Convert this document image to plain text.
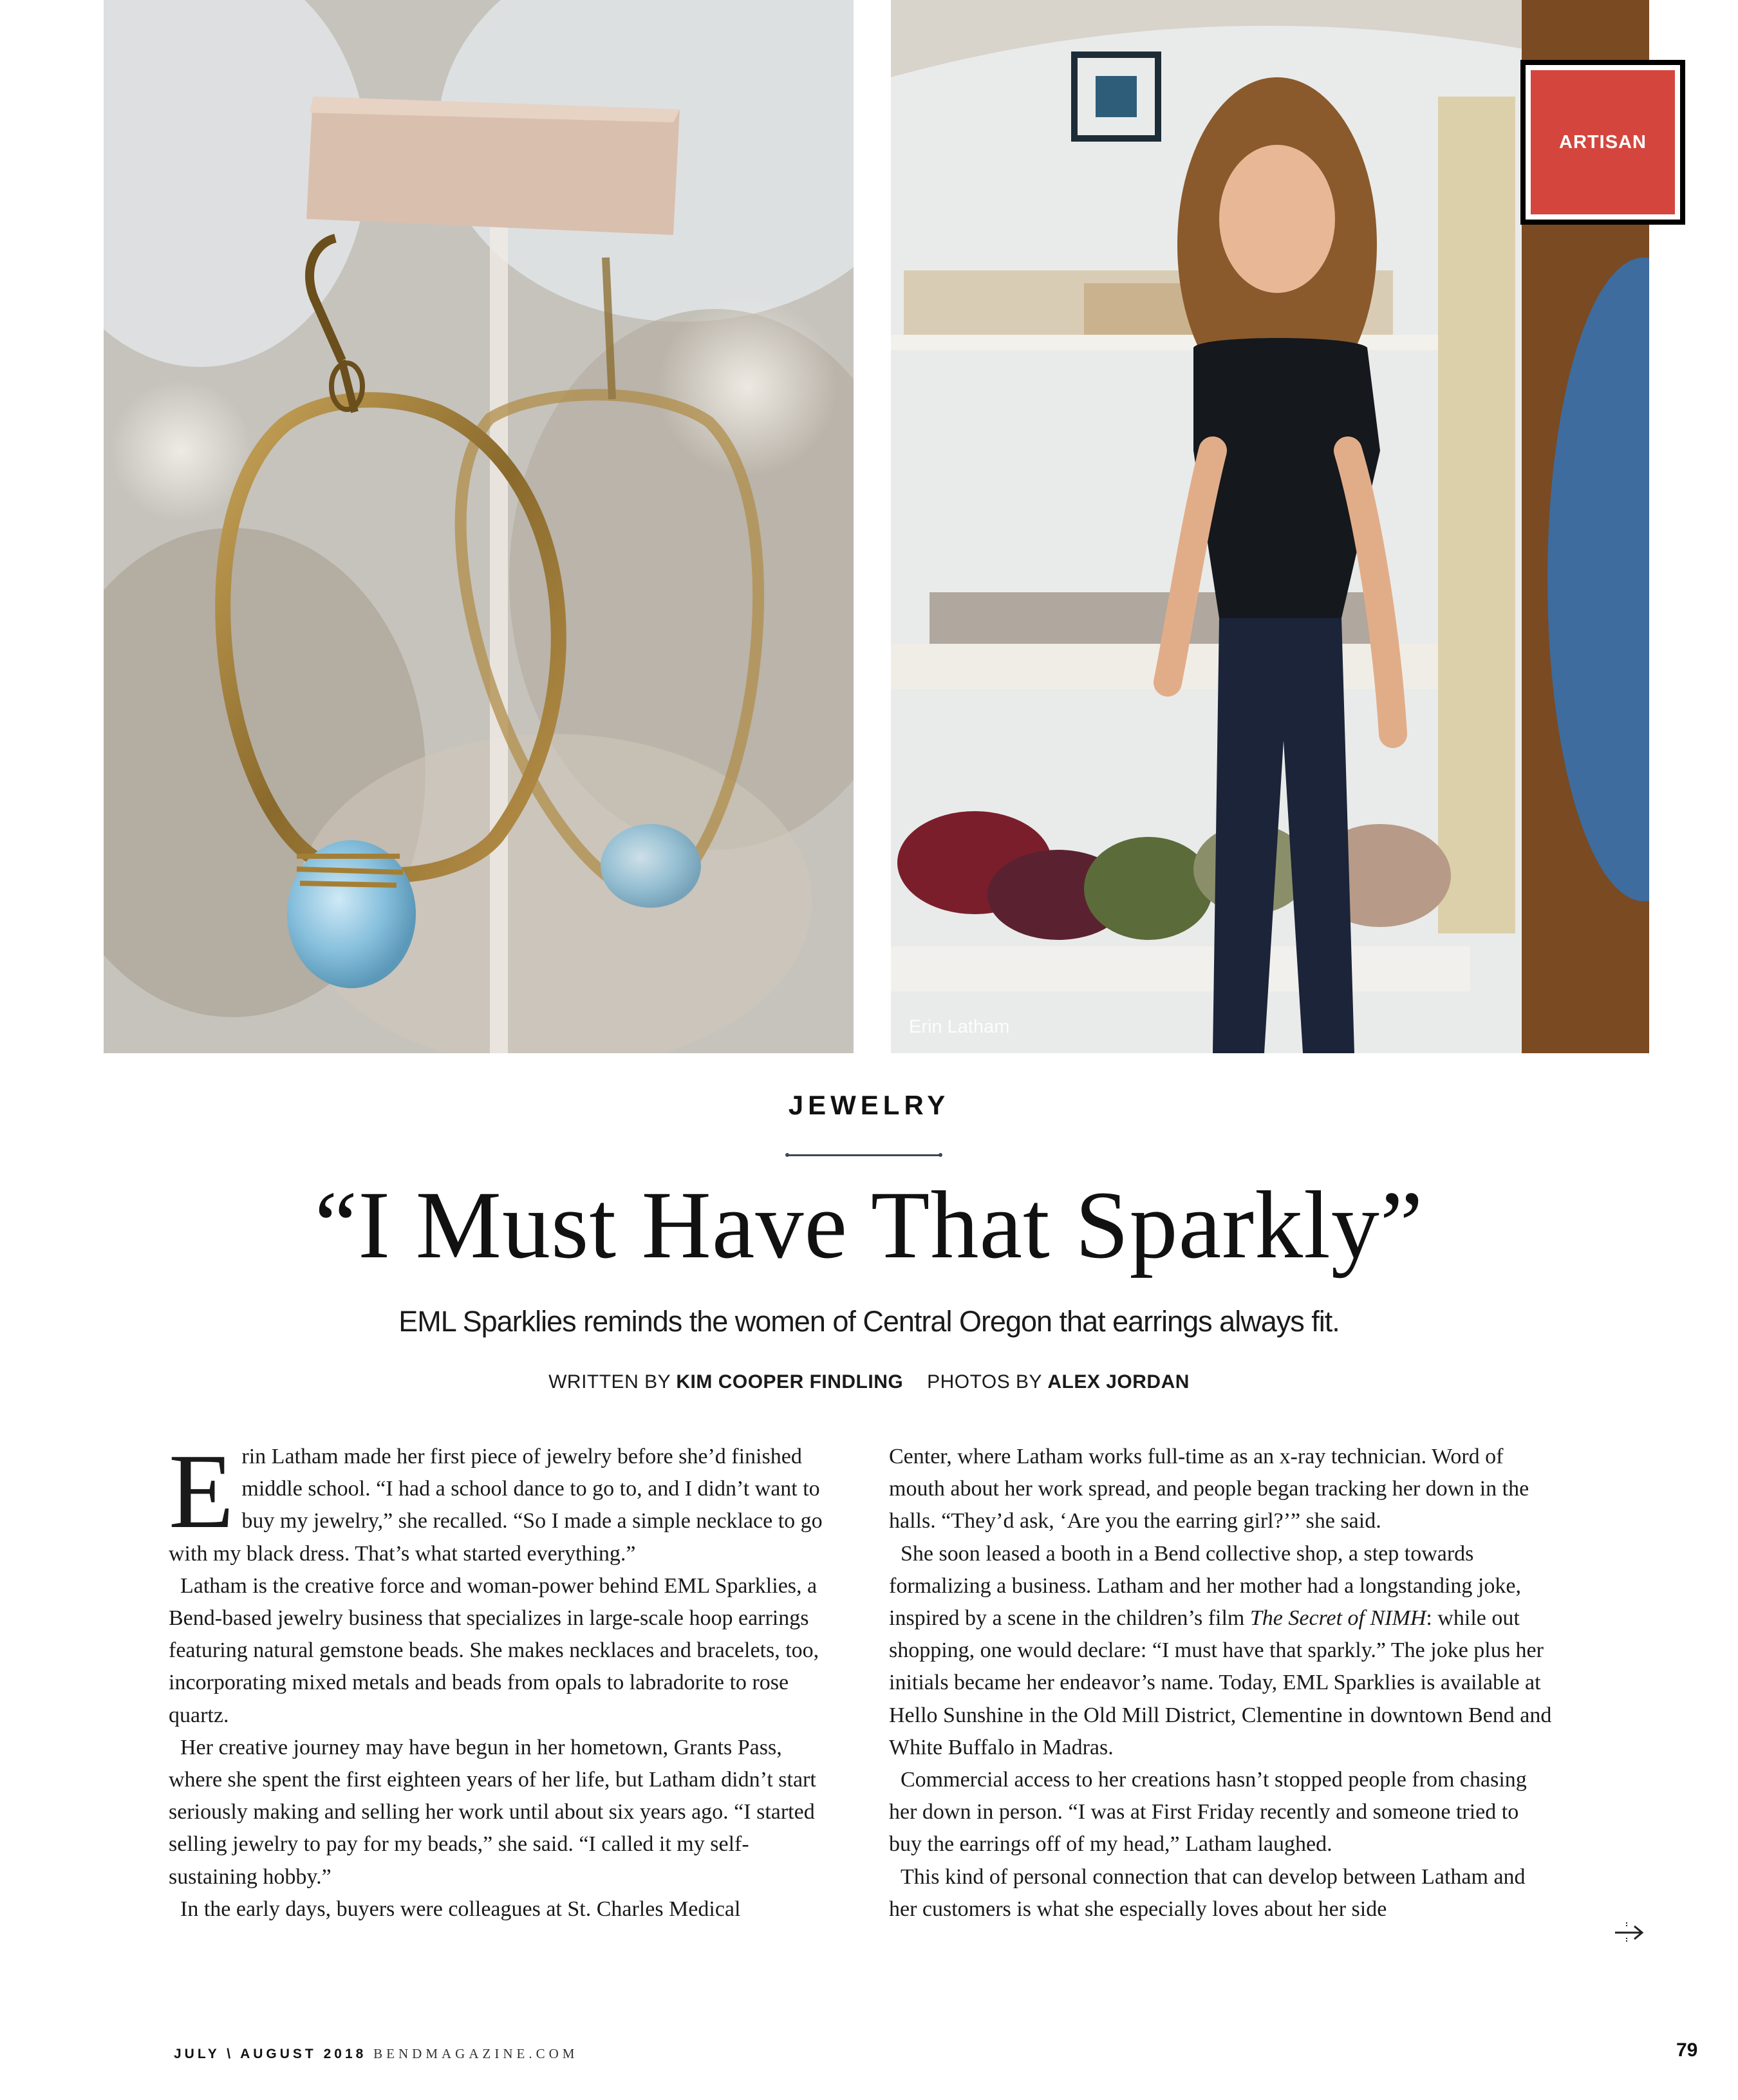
Erin Latham
ARTISAN
JEWELRY
“I Must Have That Sparkly”
EML Sparklies reminds the women of Central Oregon that earrings always fit.
WRITTEN BY KIM COOPER FINDLING PHOTOS BY ALEX JORDAN

Erin Latham made her first piece of jewelry before she’d finished middle school. “I had a school dance to go to, and I didn’t want to buy my jewelry,” she recalled. “So I made a simple necklace to go with my black dress. That’s what started everything.”

Latham is the creative force and woman-power behind EML Sparklies, a Bend-based jewelry business that specializes in large-scale hoop earrings featuring natural gemstone beads. She makes necklaces and bracelets, too, incorporating mixed metals and beads from opals to labradorite to rose quartz.

Her creative journey may have begun in her hometown, Grants Pass, where she spent the first eighteen years of her life, but Latham didn’t start seriously making and selling her work until about six years ago. “I started selling jewelry to pay for my beads,” she said. “I called it my self-sustaining hobby.”

In the early days, buyers were colleagues at St. Charles Medical

Center, where Latham works full-time as an x-ray technician. Word of mouth about her work spread, and people began tracking her down in the halls. “They’d ask, ‘Are you the earring girl?’” she said.

She soon leased a booth in a Bend collective shop, a step towards formalizing a business. Latham and her mother had a longstanding joke, inspired by a scene in the children’s film The Secret of NIMH: while out shopping, one would declare: “I must have that sparkly.” The joke plus her initials became her endeavor’s name. Today, EML Sparklies is available at Hello Sunshine in the Old Mill District, Clementine in downtown Bend and White Buffalo in Madras.

Commercial access to her creations hasn’t stopped people from chasing her down in person. “I was at First Friday recently and someone tried to buy the earrings off of my head,” Latham laughed.

This kind of personal connection that can develop between Latham and her customers is what she especially loves about her side

JULY \ AUGUST 2018 BENDMAGAZINE.COM	79
